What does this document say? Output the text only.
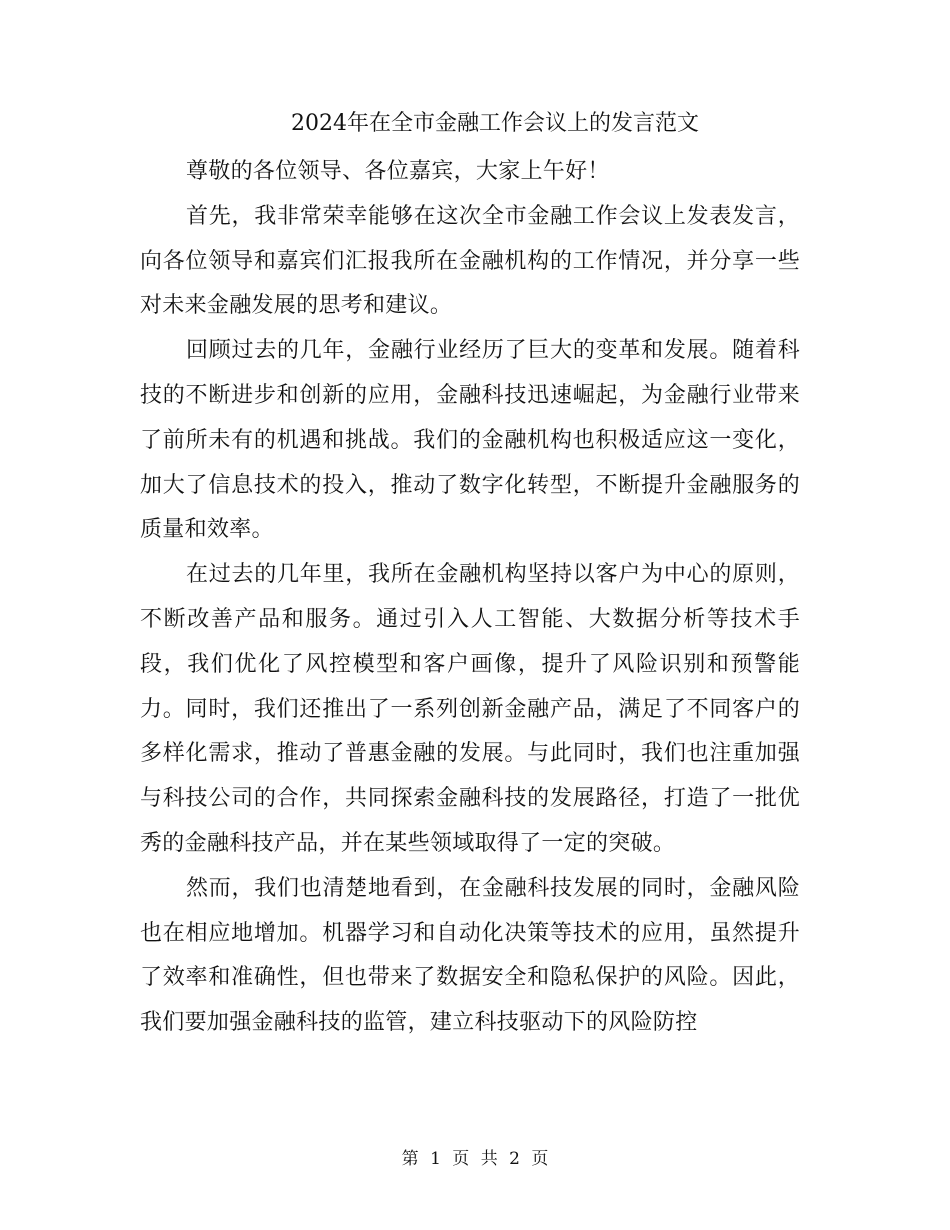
2024年在全市金融工作会议上的发言范文

尊敬的各位领导、各位嘉宾，大家上午好！

首先，我非常荣幸能够在这次全市金融工作会议上发表发言，向各位领导和嘉宾们汇报我所在金融机构的工作情况，并分享一些对未来金融发展的思考和建议。

回顾过去的几年，金融行业经历了巨大的变革和发展。随着科技的不断进步和创新的应用，金融科技迅速崛起，为金融行业带来了前所未有的机遇和挑战。我们的金融机构也积极适应这一变化，加大了信息技术的投入，推动了数字化转型，不断提升金融服务的质量和效率。

在过去的几年里，我所在金融机构坚持以客户为中心的原则，不断改善产品和服务。通过引入人工智能、大数据分析等技术手段，我们优化了风控模型和客户画像，提升了风险识别和预警能力。同时，我们还推出了一系列创新金融产品，满足了不同客户的多样化需求，推动了普惠金融的发展。与此同时，我们也注重加强与科技公司的合作，共同探索金融科技的发展路径，打造了一批优秀的金融科技产品，并在某些领域取得了一定的突破。

然而，我们也清楚地看到，在金融科技发展的同时，金融风险也在相应地增加。机器学习和自动化决策等技术的应用，虽然提升了效率和准确性，但也带来了数据安全和隐私保护的风险。因此，我们要加强金融科技的监管，建立科技驱动下的风险防控

第 1 页 共 2 页
